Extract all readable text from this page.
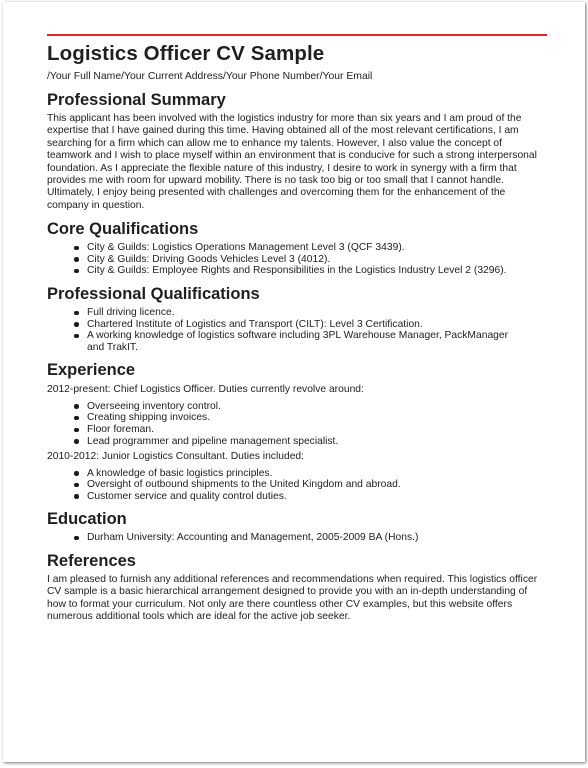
Logistics Officer CV Sample

/Your Full Name/Your Current Address/Your Phone Number/Your Email

Professional Summary

This applicant has been involved with the logistics industry for more than six years and I am proud of the expertise that I have gained during this time. Having obtained all of the most relevant certifications, I am searching for a firm which can allow me to enhance my talents. However, I also value the concept of teamwork and I wish to place myself within an environment that is conducive for such a strong interpersonal foundation. As I appreciate the flexible nature of this industry, I desire to work in synergy with a firm that provides me with room for upward mobility. There is no task too big or too small that I cannot handle. Ultimately, I enjoy being presented with challenges and overcoming them for the enhancement of the company in question.

Core Qualifications
City & Guilds: Logistics Operations Management Level 3 (QCF 3439).
City & Guilds: Driving Goods Vehicles Level 3 (4012).
City & Guilds: Employee Rights and Responsibilities in the Logistics Industry Level 2 (3296).
Professional Qualifications
Full driving licence.
Chartered Institute of Logistics and Transport (CILT): Level 3 Certification.
A working knowledge of logistics software including 3PL Warehouse Manager, PackManager and TrakIT.
Experience

2012-present: Chief Logistics Officer. Duties currently revolve around:

Overseeing inventory control.
Creating shipping invoices.
Floor foreman.
Lead programmer and pipeline management specialist.

2010-2012: Junior Logistics Consultant. Duties included:

A knowledge of basic logistics principles.
Oversight of outbound shipments to the United Kingdom and abroad.
Customer service and quality control duties.
Education
Durham University: Accounting and Management, 2005-2009 BA (Hons.)
References

I am pleased to furnish any additional references and recommendations when required. This logistics officer CV sample is a basic hierarchical arrangement designed to provide you with an in-depth understanding of how to format your curriculum. Not only are there countless other CV examples, but this website offers numerous additional tools which are ideal for the active job seeker.
